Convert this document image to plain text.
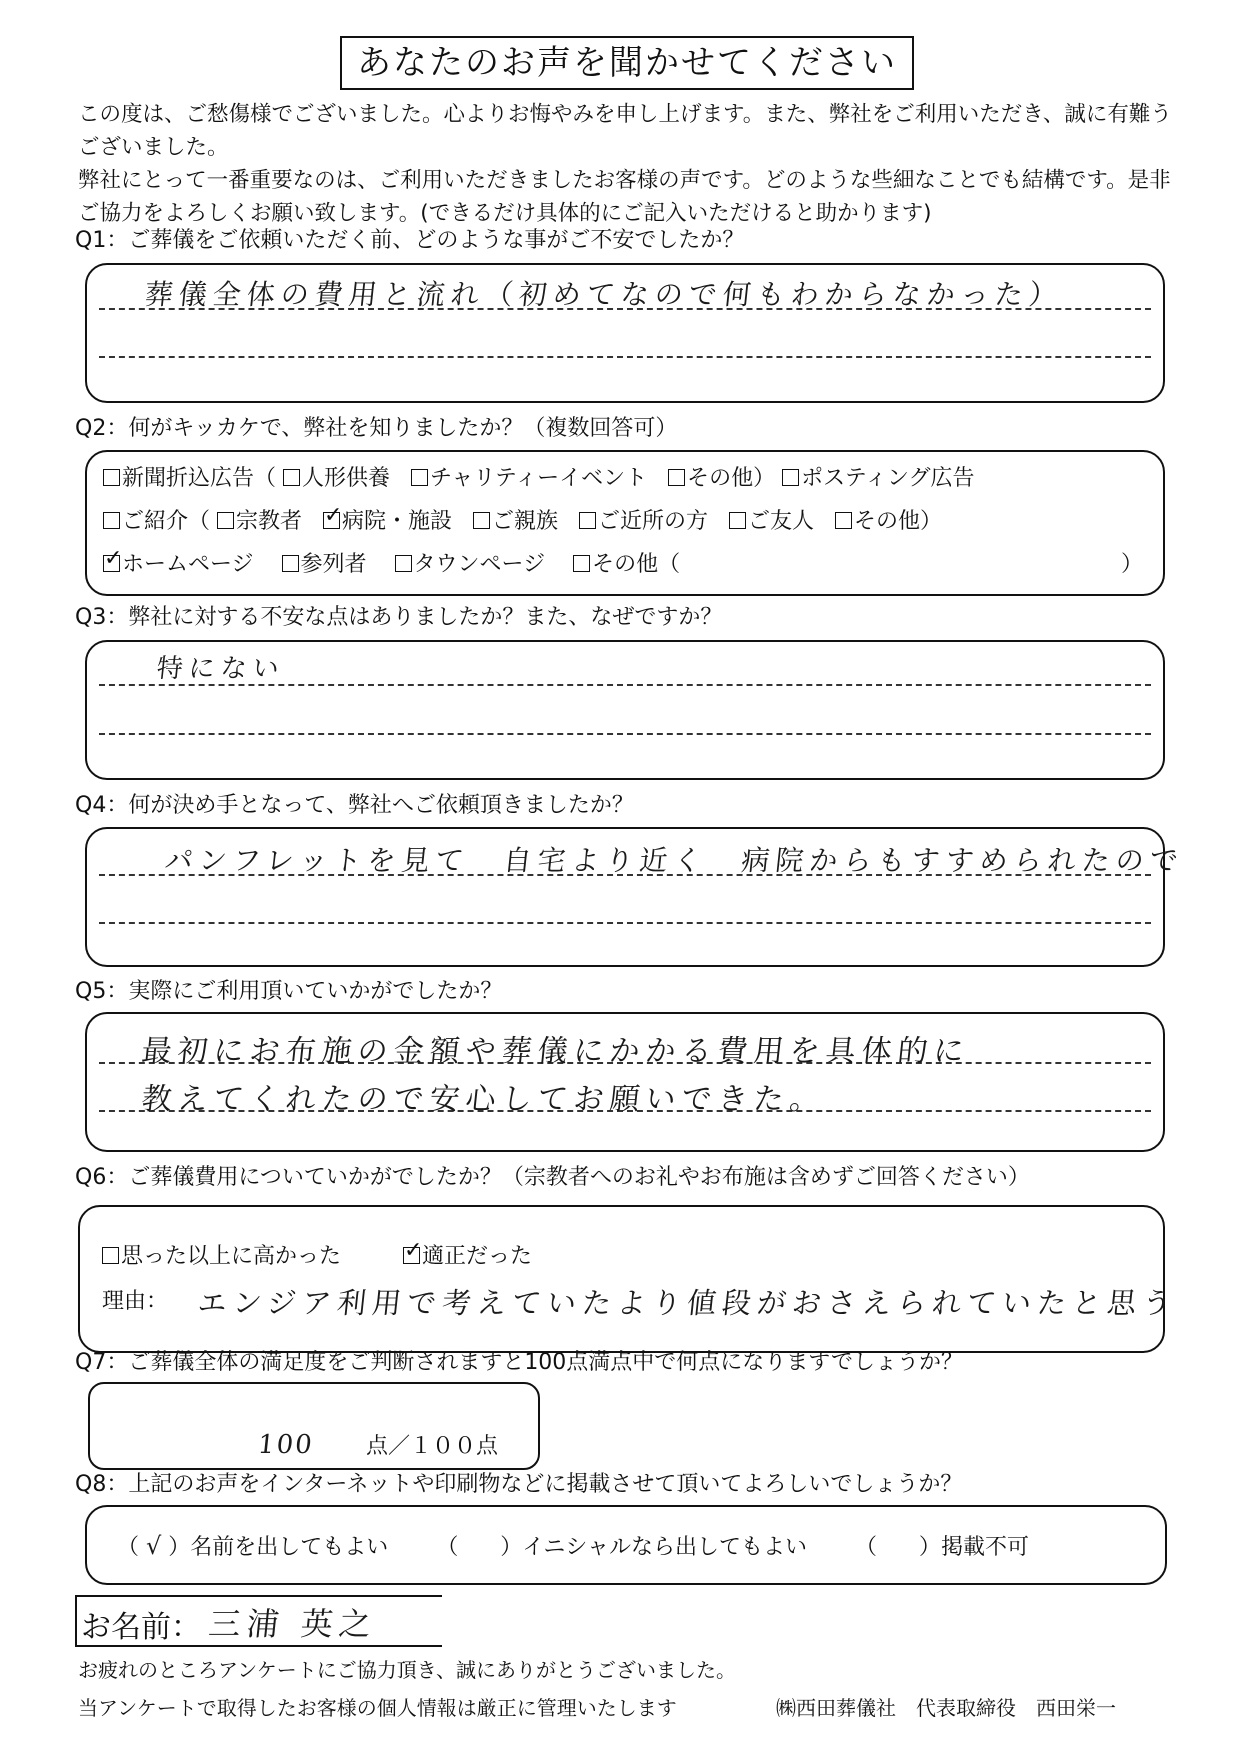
あなたのお声を聞かせてください

この度は、ご愁傷様でございました。心よりお悔やみを申し上げます。また、弊社をご利用いただき、誠に有難うございました。

弊社にとって一番重要なのは、ご利用いただきましたお客様の声です。どのような些細なことでも結構です。是非ご協力をよろしくお願い致します。(できるだけ具体的にご記入いただけると助かります)

Q1：ご葬儀をご依頼いただく前、どのような事がご不安でしたか？
葬儀全体の費用と流れ（初めてなので何もわからなかった）
Q2：何がキッカケで、弊社を知りましたか？（複数回答可）
新聞折込広告（ 人形供養 チャリティーイベント その他） ポスティング広告
ご紹介（ 宗教者 ✓ 病院・施設 ご親族 ご近所の方 ご友人 その他）
✓ホームページ 参列者 タウンページ その他（	）
Q3：弊社に対する不安な点はありましたか？また、なぜですか？
特にない
Q4：何が決め手となって、弊社へご依頼頂きましたか？
パンフレットを見て　自宅より近く　病院からもすすめられたので
Q5：実際にご利用頂いていかがでしたか？
最初にお布施の金額や葬儀にかかる費用を具体的に
教えてくれたので安心してお願いできた。
Q6：ご葬儀費用についていかがでしたか？（宗教者へのお礼やお布施は含めずご回答ください）
思った以上に高かった ✓	適正だった
理由： エンジア利用で考えていたより値段がおさえられていたと思う
Q7：ご葬儀全体の満足度をご判断されますと100点満点中で何点になりますでしょうか？
100 点／１００点
Q8：上記のお声をインターネットや印刷物などに掲載させて頂いてよろしいでしょうか？
（ √ ）名前を出してもよい （      ）イニシャルなら出してもよい （      ）掲載不可
お名前： 三浦 英之
お疲れのところアンケートにご協力頂き、誠にありがとうございました。
当アンケートで取得したお客様の個人情報は厳正に管理いたします	㈱西田葬儀社　代表取締役　西田栄一
